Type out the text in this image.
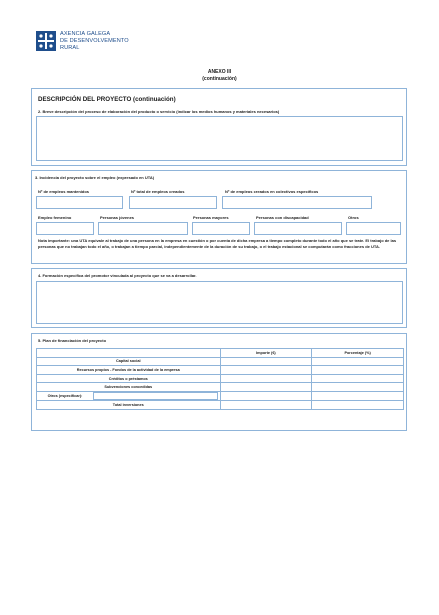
AXENCIA GALEGA
DE DESENVOLVEMENTO
RURAL
ANEXO III
(continuación)
DESCRIPCIÓN DEL PROYECTO (continuación)
2. Breve descripción del proceso de elaboración del producto o servicio (indicar los medios humanos y materiales necesarios)
3. Incidencia del proyecto sobre el empleo (expresado en UTA)
Nº de empleos mantenidos	Nº total de empleos creados	Nº de empleos creados en colectivos específicos
Empleo femenino	Personas jóvenes	Personas mayores	Personas con discapacidad	Otros
Nota importante: una UTA equivale al trabajo de una persona en la empresa en cuestión o por cuenta de dicha empresa a tiempo completo durante todo el año que se trate. El trabajo de las personas que no trabajan todo el año, o trabajan a tiempo parcial, independientemente de la duración de su trabajo, o el trabajo estacional se computarán como fracciones de UTA.
4. Formación específica del promotor vinculada al proyecto que se va a desarrollar.
5. Plan de financiación del proyecto
	Importe (€)	Porcentaje (%)
Capital social		
Recursos propios - Fondos de la actividad de la empresa		
Créditos o préstamos		
Subvenciones concedidas		

Otros (especificar):		

Total inversiones		
